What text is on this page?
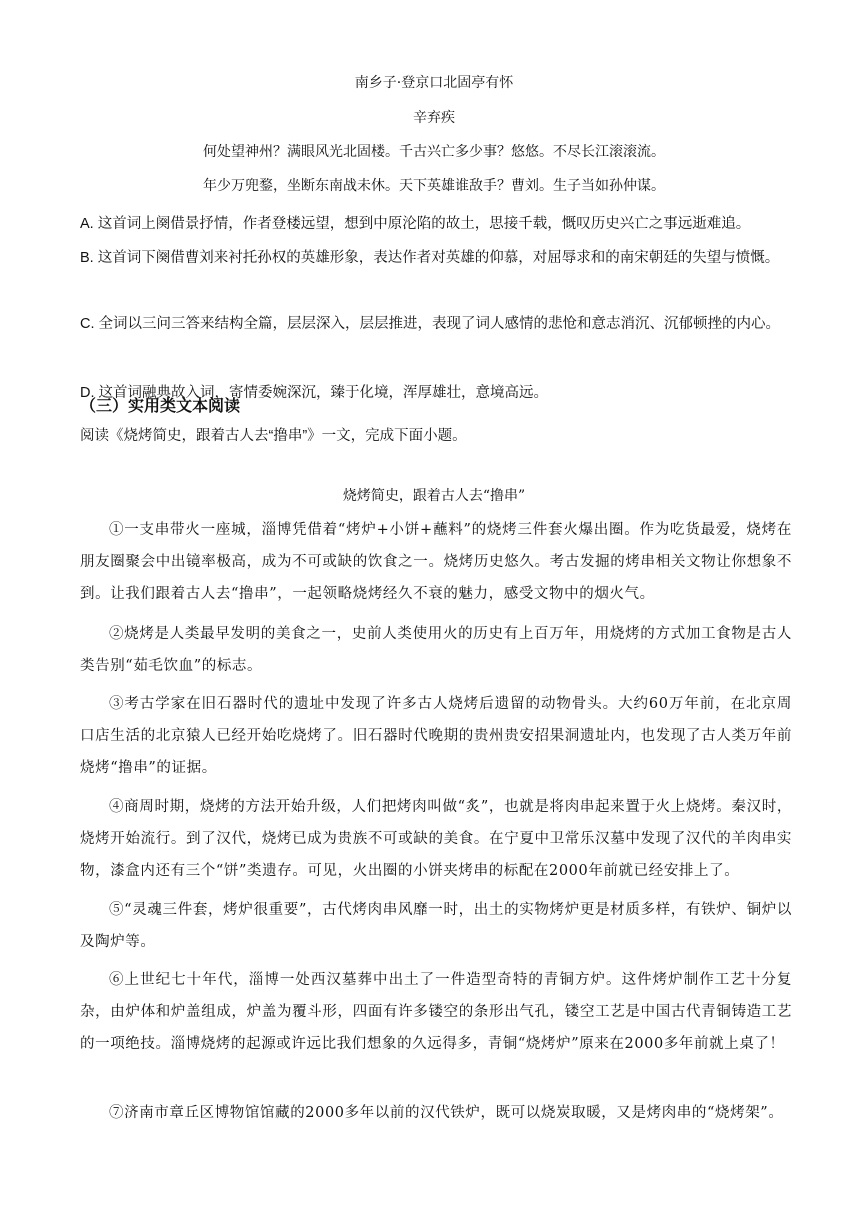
南乡子·登京口北固亭有怀
辛弃疾
何处望神州？满眼风光北固楼。千古兴亡多少事？悠悠。不尽长江滚滚流。
年少万兜鍪，坐断东南战未休。天下英雄谁敌手？曹刘。生子当如孙仲谋。
A. 这首词上阕借景抒情，作者登楼远望，想到中原沦陷的故土，思接千载，慨叹历史兴亡之事远逝难追。
B. 这首词下阕借曹刘来衬托孙权的英雄形象，表达作者对英雄的仰慕，对屈辱求和的南宋朝廷的失望与愤慨。
C. 全词以三问三答来结构全篇，层层深入，层层推进，表现了词人感情的悲怆和意志消沉、沉郁顿挫的内心。
D. 这首词融典故入词，寄情委婉深沉，臻于化境，浑厚雄壮，意境高远。
（三）实用类文本阅读
阅读《烧烤简史，跟着古人去“撸串”》一文，完成下面小题。
烧烤简史，跟着古人去“撸串”
①一支串带火一座城，淄博凭借着“烤炉+小饼+蘸料”的烧烤三件套火爆出圈。作为吃货最爱，烧烤在朋友圈聚会中出镜率极高，成为不可或缺的饮食之一。烧烤历史悠久。考古发掘的烤串相关文物让你想象不到。让我们跟着古人去“撸串”，一起领略烧烤经久不衰的魅力，感受文物中的烟火气。
②烧烤是人类最早发明的美食之一，史前人类使用火的历史有上百万年，用烧烤的方式加工食物是古人类告别“茹毛饮血”的标志。
③考古学家在旧石器时代的遗址中发现了许多古人烧烤后遗留的动物骨头。大约60万年前，在北京周口店生活的北京猿人已经开始吃烧烤了。旧石器时代晚期的贵州贵安招果洞遗址内，也发现了古人类万年前烧烤“撸串”的证据。
④商周时期，烧烤的方法开始升级，人们把烤肉叫做“炙”，也就是将肉串起来置于火上烧烤。秦汉时，烧烤开始流行。到了汉代，烧烤已成为贵族不可或缺的美食。在宁夏中卫常乐汉墓中发现了汉代的羊肉串实物，漆盒内还有三个“饼”类遗存。可见，火出圈的小饼夹烤串的标配在2000年前就已经安排上了。
⑤“灵魂三件套，烤炉很重要”，古代烤肉串风靡一时，出土的实物烤炉更是材质多样，有铁炉、铜炉以及陶炉等。
⑥上世纪七十年代，淄博一处西汉墓葬中出土了一件造型奇特的青铜方炉。这件烤炉制作工艺十分复杂，由炉体和炉盖组成，炉盖为覆斗形，四面有许多镂空的条形出气孔，镂空工艺是中国古代青铜铸造工艺的一项绝技。淄博烧烤的起源或许远比我们想象的久远得多，青铜“烧烤炉”原来在2000多年前就上桌了！
⑦济南市章丘区博物馆馆藏的2000多年以前的汉代铁炉，既可以烧炭取暖，又是烤肉串的“烧烤架”。
